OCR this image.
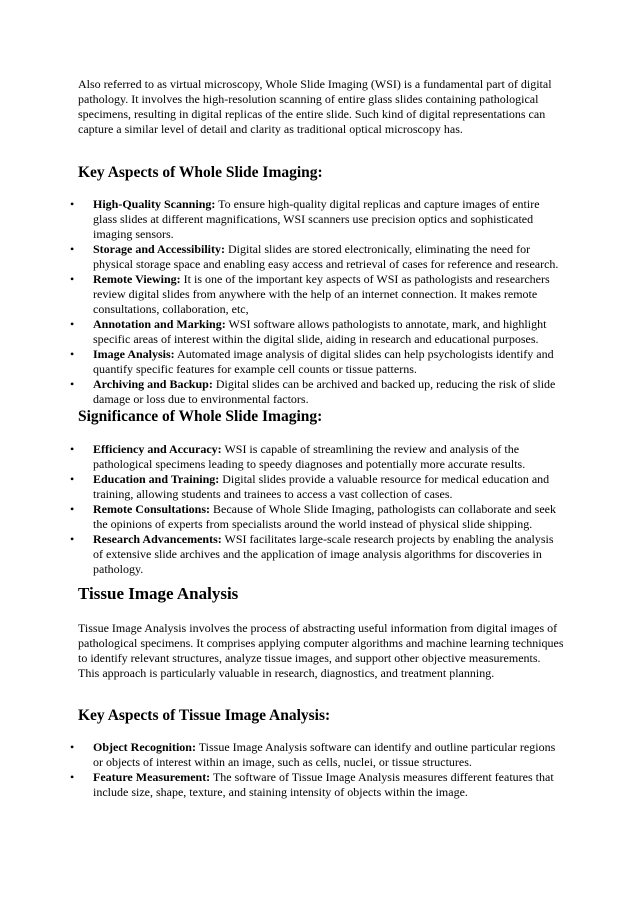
Also referred to as virtual microscopy, Whole Slide Imaging (WSI) is a fundamental part of digital pathology. It involves the high-resolution scanning of entire glass slides containing pathological specimens, resulting in digital replicas of the entire slide. Such kind of digital representations can capture a similar level of detail and clarity as traditional optical microscopy has.

Key Aspects of Whole Slide Imaging:
•	High-Quality Scanning: To ensure high-quality digital replicas and capture images of entire glass slides at different magnifications, WSI scanners use precision optics and sophisticated imaging sensors.
•	Storage and Accessibility: Digital slides are stored electronically, eliminating the need for physical storage space and enabling easy access and retrieval of cases for reference and research.
•	Remote Viewing: It is one of the important key aspects of WSI as pathologists and researchers review digital slides from anywhere with the help of an internet connection. It makes remote consultations, collaboration, etc,
•	Annotation and Marking: WSI software allows pathologists to annotate, mark, and highlight specific areas of interest within the digital slide, aiding in research and educational purposes.
•	Image Analysis: Automated image analysis of digital slides can help psychologists identify and quantify specific features for example cell counts or tissue patterns.
•	Archiving and Backup: Digital slides can be archived and backed up, reducing the risk of slide damage or loss due to environmental factors.
Significance of Whole Slide Imaging:
•	Efficiency and Accuracy: WSI is capable of streamlining the review and analysis of the pathological specimens leading to speedy diagnoses and potentially more accurate results.
•	Education and Training: Digital slides provide a valuable resource for medical education and training, allowing students and trainees to access a vast collection of cases.
•	Remote Consultations: Because of Whole Slide Imaging, pathologists can collaborate and seek the opinions of experts from specialists around the world instead of physical slide shipping.
•	Research Advancements: WSI facilitates large-scale research projects by enabling the analysis of extensive slide archives and the application of image analysis algorithms for discoveries in pathology.
Tissue Image Analysis

Tissue Image Analysis involves the process of abstracting useful information from digital images of pathological specimens. It comprises applying computer algorithms and machine learning techniques to identify relevant structures, analyze tissue images, and support other objective measurements. This approach is particularly valuable in research, diagnostics, and treatment planning.

Key Aspects of Tissue Image Analysis:
•	Object Recognition: Tissue Image Analysis software can identify and outline particular regions or objects of interest within an image, such as cells, nuclei, or tissue structures.
•	Feature Measurement: The software of Tissue Image Analysis measures different features that include size, shape, texture, and staining intensity of objects within the image.
